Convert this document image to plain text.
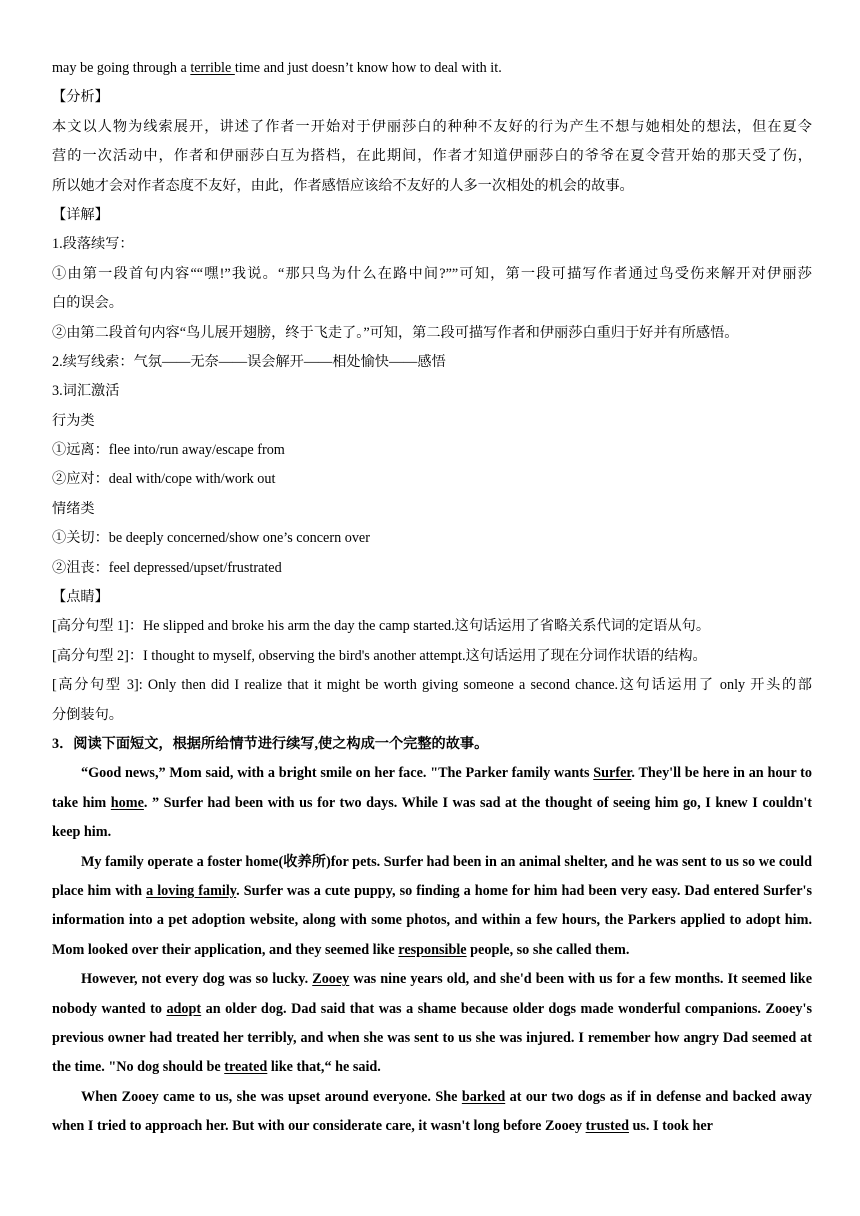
may be going through a terrible time and just doesn’t know how to deal with it.
【分析】
本文以人物为线索展开，讲述了作者一开始对于伊丽莎白的种种不友好的行为产生不想与她相处的想法，但在夏令
营的一次活动中，作者和伊丽莎白互为搭档，在此期间，作者才知道伊丽莎白的爷爷在夏令营开始的那天受了伤，
所以她才会对作者态度不友好，由此，作者感悟应该给不友好的人多一次相处的机会的故事。
【详解】
1.段落续写：
①由第一段首句内容““嘿!”我说。“那只鸟为什么在路中间?””可知，第一段可描写作者通过鸟受伤来解开对伊丽莎
白的误会。
②由第二段首句内容“鸟儿展开翅膀，终于飞走了。”可知，第二段可描写作者和伊丽莎白重归于好并有所感悟。
2.续写线索：气氛——无奈——误会解开——相处愉快——感悟
3.词汇激活
行为类
①远离：flee into/run away/escape from
②应对：deal with/cope with/work out
情绪类
①关切：be deeply concerned/show one’s concern over
②沮丧：feel depressed/upset/frustrated
【点睛】
[高分句型 1]：He slipped and broke his arm the day the camp started.这句话运用了省略关系代词的定语从句。
[高分句型 2]：I thought to myself, observing the bird's another attempt.这句话运用了现在分词作状语的结构。
[高分句型 3]: Only then did I realize that it might be worth giving someone a second chance.这句话运用了 only 开头的部
分倒装句。
3．阅读下面短文，根据所给情节进行续写,使之构成一个完整的故事。

“Good news,” Mom said, with a bright smile on her face. "The Parker family wants Surfer. They'll be here in an hour to take him home. ” Surfer had been with us for two days. While I was sad at the thought of seeing him go, I knew I couldn't keep him.

My family operate a foster home(收养所)for pets. Surfer had been in an animal shelter, and he was sent to us so we could place him with a loving family. Surfer was a cute puppy, so finding a home for him had been very easy. Dad entered Surfer's information into a pet adoption website, along with some photos, and within a few hours, the Parkers applied to adopt him. Mom looked over their application, and they seemed like responsible people, so she called them.

However, not every dog was so lucky. Zooey was nine years old, and she'd been with us for a few months. It seemed like nobody wanted to adopt an older dog. Dad said that was a shame because older dogs made wonderful companions. Zooey's previous owner had treated her terribly, and when she was sent to us she was injured. I remember how angry Dad seemed at the time. "No dog should be treated like that,“ he said.

When Zooey came to us, she was upset around everyone. She barked at our two dogs as if in defense and backed away when I tried to approach her. But with our considerate care, it wasn't long before Zooey trusted us. I took her
